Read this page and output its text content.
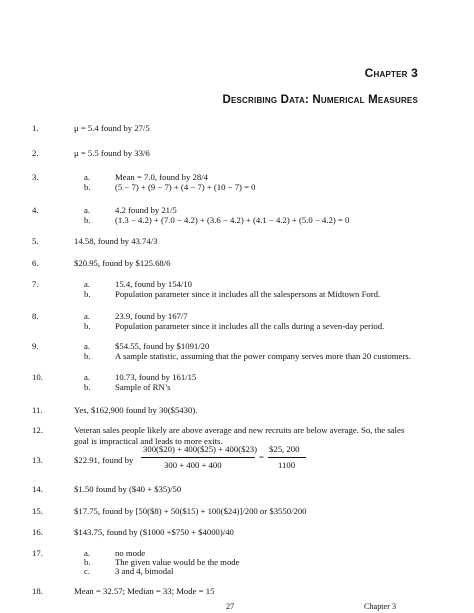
Chapter 3
Describing Data: Numerical Measures
1.	μ = 5.4 found by 27/5
2.	μ = 5.5 found by 33/6
3.	a.	Mean = 7.0, found by 28/4
b.	(5 − 7) + (9 − 7) + (4 − 7) + (10 − 7) = 0
4.	a.	4.2 found by 21/5
b.	(1.3 − 4.2) + (7.0 − 4.2) + (3.6 − 4.2) + (4.1 − 4.2) + (5.0 − 4.2) = 0
5.	14.58, found by 43.74/3
6.	$20.95, found by $125.68/6
7.	a.	15.4, found by 154/10
b.	Population parameter since it includes all the salespersons at Midtown Ford.
8.	a.	23.9, found by 167/7
b.	Population parameter since it includes all the calls during a seven-day period.
9.	a.	$54.55, found by $1091/20
b.	A sample statistic, assuming that the power company serves more than 20 customers.
10.	a.	10.73, found by 161/15
b.	Sample of RN’s
11.	Yes, $162,900 found by 30($5430).
12.	Veteran sales people likely are above average and new recruits are below average. So, the sales goal is impractical and leads to more exits.
13.	$22.91, found by
300($20) + 400($25) + 400($23)
300 + 400 + 400
=
$25, 200
1100
14.	$1.50 found by ($40 + $35)/50
15.	$17.75, found by [50($8) + 50($15) + 100($24)]/200 or $3550/200
16.	$143.75, found by ($1000 +$750 + $4000)/40
17.	a.	no mode
b.	The given value would be the mode
c.	3 and 4, bimodal
18.	Mean = 32.57; Median = 33; Mode = 15
27	Chapter 3
